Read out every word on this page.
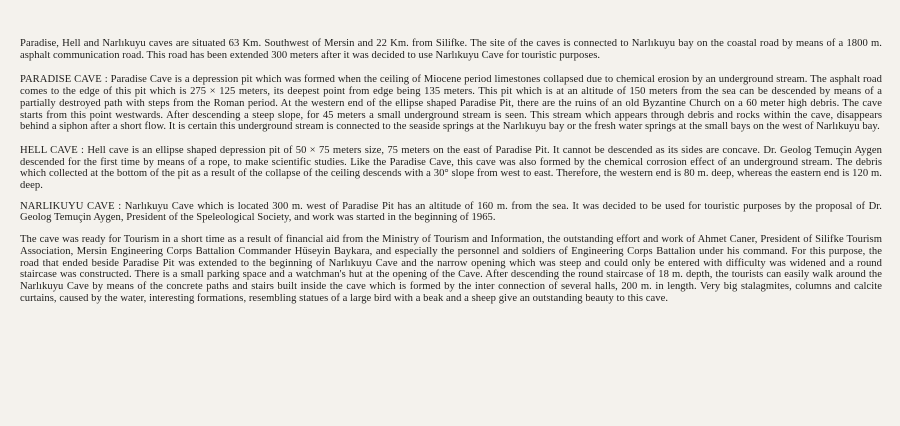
Paradise, Hell and Narlıkuyu caves are situated 63 Km. Southwest of Mersin and 22 Km. from Silifke. The site of the caves is connected to Narlıkuyu bay on the coastal road by means of a 1800 m. asphalt communication road. This road has been extended 300 meters after it was decided to use Narlıkuyu Cave for touristic purposes.

PARADISE CAVE : Paradise Cave is a depression pit which was formed when the ceiling of Miocene period limestones collapsed due to chemical erosion by an underground stream. The asphalt road comes to the edge of this pit which is 275 × 125 meters, its deepest point from edge being 135 meters. This pit which is at an altitude of 150 meters from the sea can be descended by means of a partially destroyed path with steps from the Roman period. At the western end of the ellipse shaped Paradise Pit, there are the ruins of an old Byzantine Church on a 60 meter high debris. The cave starts from this point westwards. After descending a steep slope, for 45 meters a small underground stream is seen. This stream which appears through debris and rocks within the cave, disappears behind a siphon after a short flow. It is certain this underground stream is connected to the seaside springs at the Narlıkuyu bay or the fresh water springs at the small bays on the west of Narlıkuyu bay.

HELL CAVE : Hell cave is an ellipse shaped depression pit of 50 × 75 meters size, 75 meters on the east of Paradise Pit. It cannot be descended as its sides are concave. Dr. Geolog Temuçin Aygen descended for the first time by means of a rope, to make scientific studies. Like the Paradise Cave, this cave was also formed by the chemical corrosion effect of an underground stream. The debris which collected at the bottom of the pit as a result of the collapse of the ceiling descends with a 30° slope from west to east. Therefore, the western end is 80 m. deep, whereas the eastern end is 120 m. deep.

NARLIKUYU CAVE : Narlıkuyu Cave which is located 300 m. west of Paradise Pit has an altitude of 160 m. from the sea. It was decided to be used for touristic purposes by the proposal of Dr. Geolog Temuçin Aygen, President of the Speleological Society, and work was started in the beginning of 1965.

The cave was ready for Tourism in a short time as a result of financial aid from the Ministry of Tourism and Information, the outstanding effort and work of Ahmet Caner, President of Silifke Tourism Association, Mersin Engineering Corps Battalion Commander Hüseyin Baykara, and especially the personnel and soldiers of Engineering Corps Battalion under his command. For this purpose, the road that ended beside Paradise Pit was extended to the beginning of Narlıkuyu Cave and the narrow opening which was steep and could only be entered with difficulty was widened and a round staircase was constructed. There is a small parking space and a watchman's hut at the opening of the Cave. After descending the round staircase of 18 m. depth, the tourists can easily walk around the Narlıkuyu Cave by means of the concrete paths and stairs built inside the cave which is formed by the inter connection of several halls, 200 m. in length. Very big stalagmites, columns and calcite curtains, caused by the water, interesting formations, resembling statues of a large bird with a beak and a sheep give an outstanding beauty to this cave.
